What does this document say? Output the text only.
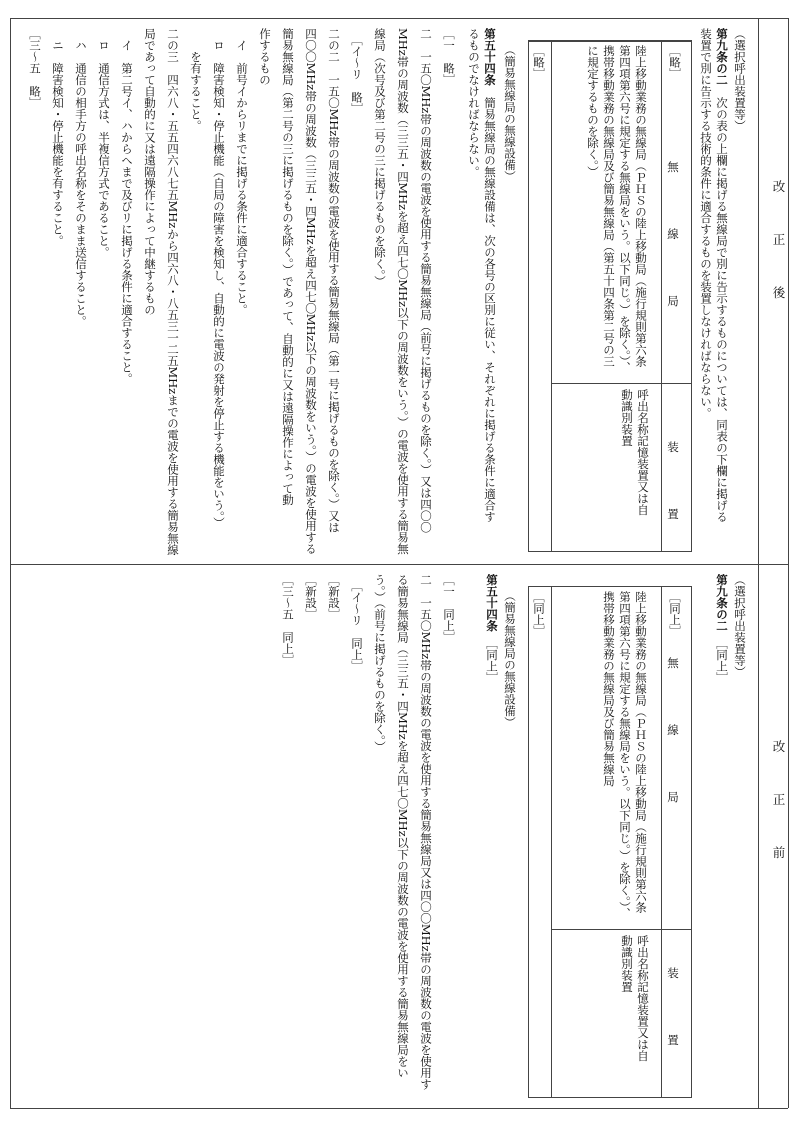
改　正　後
改　正　前
（選択呼出装置等）

第九条の二　次の表の上欄に掲げる無線局で別に告示するものについては、同表の下欄に掲げる

装置で別に告示する技術的条件に適合するものを装置しなければならない。

［略］
陸上移動業務の無線局（ＰＨＳの陸上移動局（施行規則第六条
第四項第六号に規定する無線局をいう。以下同じ。）を除く。）、
携帯移動業務の無線局及び簡易無線局（第五十四条第二号の三
に規定するものを除く。）
［略］
無　線　局
装　置
呼出名称記憶装置又は自
動識別装置
（簡易無線局の無線設備）

第五十四条　簡易無線局の無線設備は、次の各号の区別に従い、それぞれに掲げる条件に適合す

るものでなければならない。

［一　略］

二　一五〇MHz帯の周波数の電波を使用する簡易無線局（前号に掲げるものを除く。）又は四〇〇

MHz帯の周波数（三三五・四MHzを超え四七〇MHz以下の周波数をいう。）の電波を使用する簡易無

線局（次号及び第二号の三に掲げるものを除く。）

　［イ～リ　略］

二の二　一五〇MHz帯の周波数の電波を使用する簡易無線局（第一号に掲げるものを除く。）又は

四〇〇MHz帯の周波数（三三五・四MHzを超え四七〇MHz以下の周波数をいう。）の電波を使用する

簡易無線局（第二号の三に掲げるものを除く。）であって、自動的に又は遠隔操作によって動

作するもの

　イ　前号イからリまでに掲げる条件に適合すること。

　ロ　障害検知・停止機能（自局の障害を検知し、自動的に電波の発射を停止する機能をいう。）

　　を有すること。

二の三　四六八・五五四六八七五MHzから四六八・八五三一二五MHzまでの電波を使用する簡易無線

局であって自動的に又は遠隔操作によって中継するもの

　イ　第二号イ、ハからへまで及びリに掲げる条件に適合すること。

　ロ　通信方式は、半複信方式であること。

　ハ　通信の相手方の呼出名称をそのまま送信すること。

　ニ　障害検知・停止機能を有すること。

［三～五　略］

（選択呼出装置等）

第九条の二　［同上］

［同上］
陸上移動業務の無線局（ＰＨＳの陸上移動局（施行規則第六条
第四項第六号に規定する無線局をいう。以下同じ。）を除く。）、
携帯移動業務の無線局及び簡易無線局
［同上］
無　線　局
装　置
呼出名称記憶装置又は自
動識別装置
（簡易無線局の無線設備）

第五十四条　［同上］

［一　同上］

二　一五〇MHz帯の周波数の電波を使用する簡易無線局又は四〇〇MHz帯の周波数の電波を使用す

る簡易無線局（三三五・四MHzを超え四七〇MHz以下の周波数の電波を使用する簡易無線局をい

う。）（前号に掲げるものを除く。）

　［イ～リ　同上］

［新設］

［新設］

［三～五　同上］
